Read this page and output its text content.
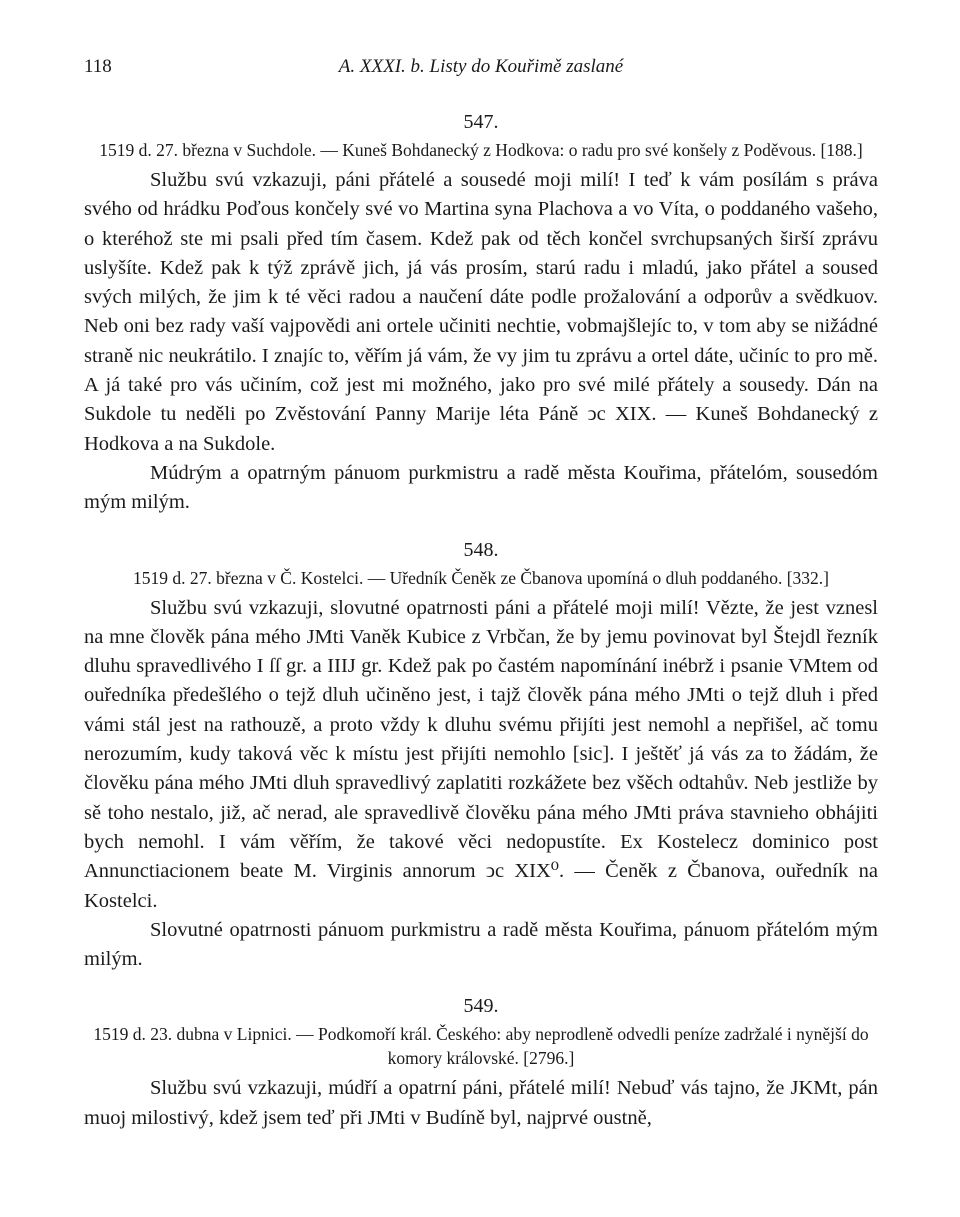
118	A. XXXI. b. Listy do Kouřimě zaslané
547.
1519 d. 27. března v Suchdole. — Kuneš Bohdanecký z Hodkova: o radu pro své konšely z Poděvous. [188.]

Službu svú vzkazuji, páni přátelé a sousedé moji milí! I teď k vám posílám s práva svého od hrádku Poďous končely své vo Martina syna Plachova a vo Víta, o poddaného vašeho, o kteréhož ste mi psali před tím časem. Kdež pak od těch končel svrchupsaných širší zprávu uslyšíte. Kdež pak k týž zprávě jich, já vás prosím, starú radu i mladú, jako přátel a soused svých milých, že jim k té věci radou a naučení dáte podle prožalování a odporův a svědkuov. Neb oni bez rady vaší vajpovědi ani ortele učiniti nechtie, vobmajšlejíc to, v tom aby se nižádné straně nic neukrátilo. I znajíc to, věřím já vám, že vy jim tu zprávu a ortel dáte, učiníc to pro mě. A já také pro vás učiním, což jest mi možného, jako pro své milé přátely a sousedy. Dán na Sukdole tu neděli po Zvěstování Panny Marije léta Páně ↄc XIX. — Kuneš Bohdanecký z Hodkova a na Sukdole.

Múdrým a opatrným pánuom purkmistru a radě města Kouřima, přátelóm, sousedóm mým milým.

548.
1519 d. 27. března v Č. Kostelci. — Uředník Čeněk ze Čbanova upomíná o dluh poddaného. [332.]

Službu svú vzkazuji, slovutné opatrnosti páni a přátelé moji milí! Vězte, že jest vznesl na mne člověk pána mého JMti Vaněk Kubice z Vrbčan, že by jemu povinovat byl Štejdl řezník dluhu spravedlivého I ſſ gr. a IIIJ gr. Kdež pak po častém napomínání inébrž i psanie VMtem od ouředníka předešlého o tejž dluh učiněno jest, i tajž člověk pána mého JMti o tejž dluh i před vámi stál jest na rathouzě, a proto vždy k dluhu svému přijíti jest nemohl a nepřišel, ač tomu nerozumím, kudy taková věc k místu jest přijíti nemohlo [sic]. I ještěť já vás za to žádám, že člověku pána mého JMti dluh spravedlivý zaplatiti rozkážete bez všěch odtahův. Neb jestliže by sě toho nestalo, již, ač nerad, ale spravedlivě člověku pána mého JMti práva stavnieho obhájiti bych nemohl. I vám věřím, že takové věci nedopustíte. Ex Kostelecz dominico post Annunctiacionem beate M. Virginis annorum ↄc XIX⁰. — Čeněk z Čbanova, ouředník na Kostelci.

Slovutné opatrnosti pánuom purkmistru a radě města Kouřima, pánuom přátelóm mým milým.

549.
1519 d. 23. dubna v Lipnici. — Podkomoří král. Českého: aby neprodleně odvedli peníze zadržalé i nynější do komory královské. [2796.]

Službu svú vzkazuji, múdří a opatrní páni, přátelé milí! Nebuď vás tajno, že JKMt, pán muoj milostivý, kdež jsem teď při JMti v Budíně byl, najprvé oustně,
